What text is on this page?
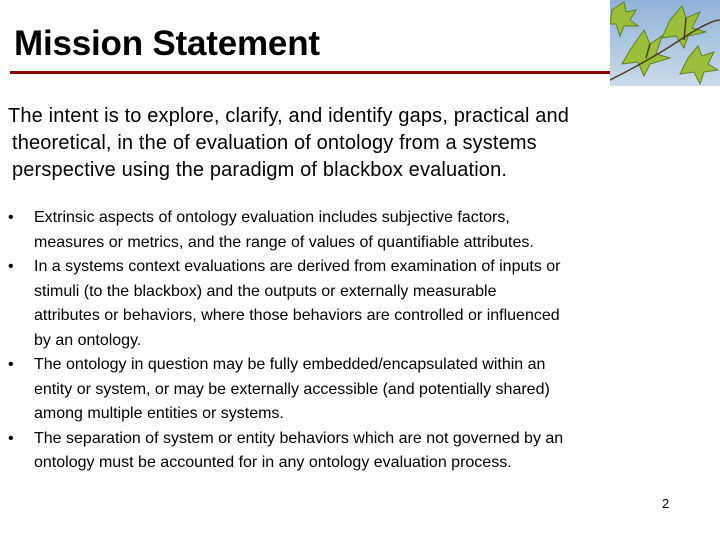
Mission Statement

The intent is to explore, clarify, and identify gaps, practical and
theoretical, in the of evaluation of ontology from a systems
perspective using the paradigm of blackbox evaluation.

• Extrinsic aspects of ontology evaluation includes subjective factors,
measures or metrics, and the range of values of quantifiable attributes.
• In a systems context evaluations are derived from examination of inputs or
stimuli (to the blackbox) and the outputs or externally measurable
attributes or behaviors, where those behaviors are controlled or influenced
by an ontology.
• The ontology in question may be fully embedded/encapsulated within an
entity or system, or may be externally accessible (and potentially shared)
among multiple entities or systems.
• The separation of system or entity behaviors which are not governed by an
ontology must be accounted for in any ontology evaluation process.
2
